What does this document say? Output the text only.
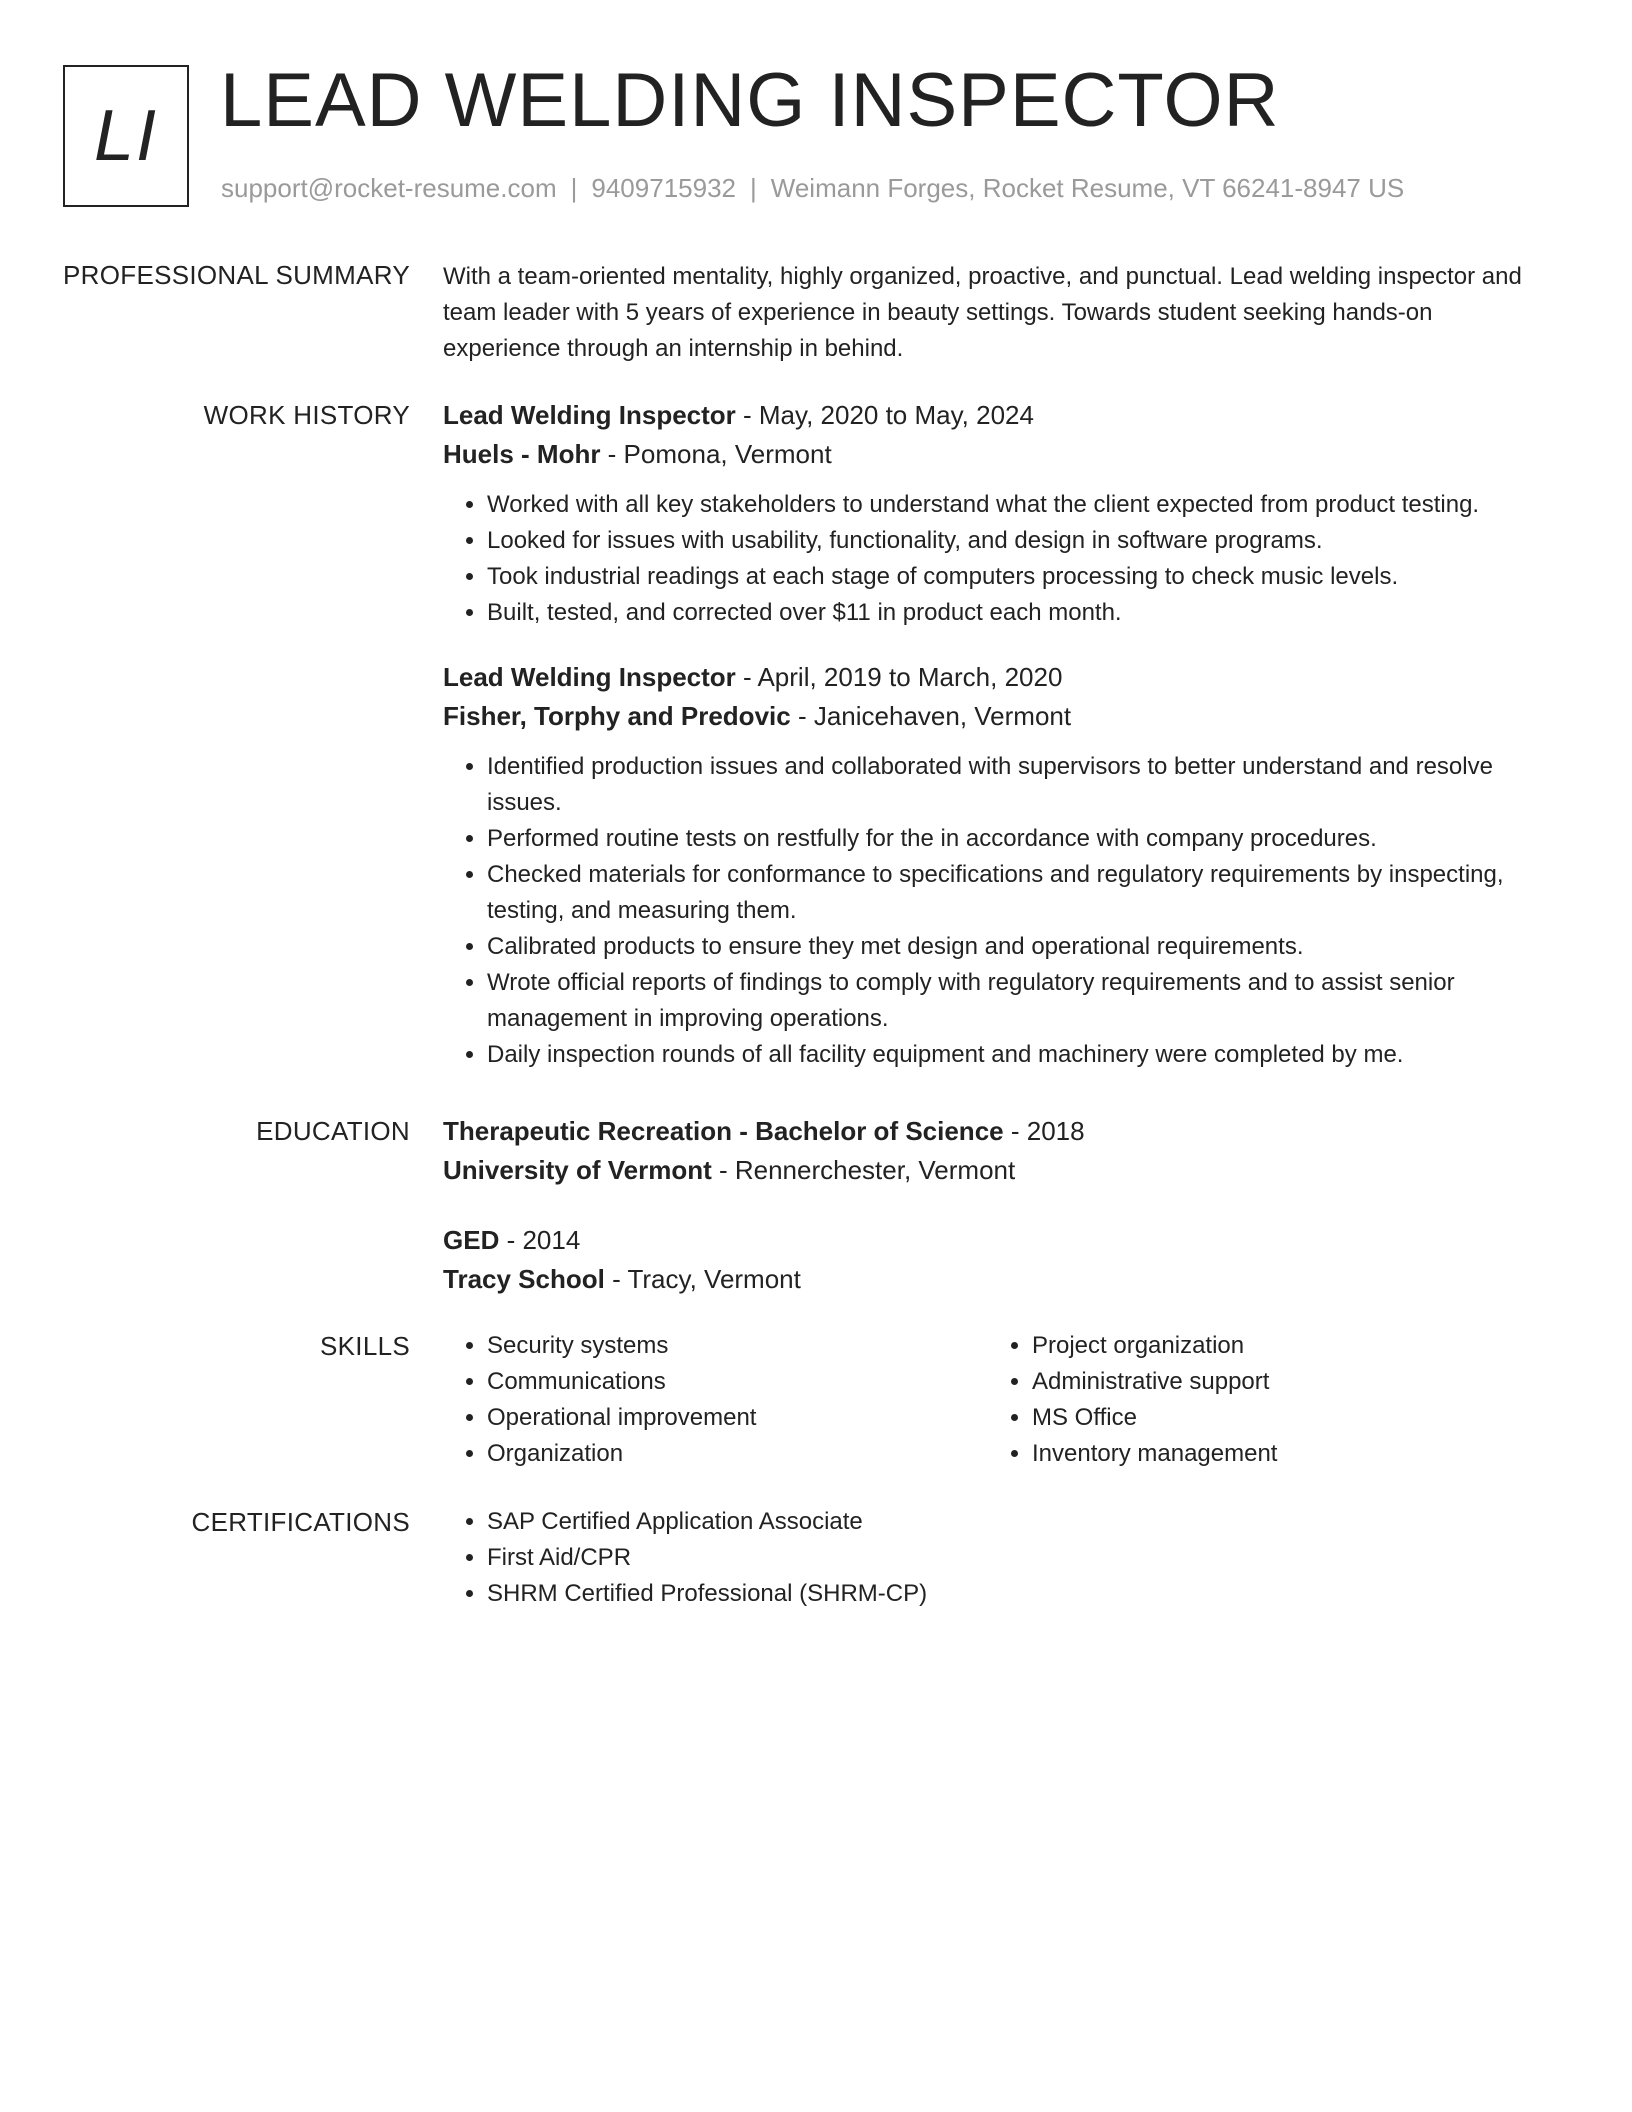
LI LEAD WELDING INSPECTOR
support@rocket-resume.com | 9409715932 | Weimann Forges, Rocket Resume, VT 66241-8947 US
PROFESSIONAL SUMMARY With a team-oriented mentality, highly organized, proactive, and punctual. Lead welding inspector and team leader with 5 years of experience in beauty settings. Towards student seeking hands-on experience through an internship in behind.

WORK HISTORY Lead Welding Inspector - May, 2020 to May, 2024
Huels - Mohr - Pomona, Vermont
• Worked with all key stakeholders to understand what the client expected from product testing.
• Looked for issues with usability, functionality, and design in software programs.
• Took industrial readings at each stage of computers processing to check music levels.
• Built, tested, and corrected over $11 in product each month.
Lead Welding Inspector - April, 2019 to March, 2020
Fisher, Torphy and Predovic - Janicehaven, Vermont
• Identified production issues and collaborated with supervisors to better understand and resolve issues.
• Performed routine tests on restfully for the in accordance with company procedures.
• Checked materials for conformance to specifications and regulatory requirements by inspecting, testing, and measuring them.
• Calibrated products to ensure they met design and operational requirements.
• Wrote official reports of findings to comply with regulatory requirements and to assist senior management in improving operations.
• Daily inspection rounds of all facility equipment and machinery were completed by me.
EDUCATION Therapeutic Recreation - Bachelor of Science - 2018
University of Vermont - Rennerchester, Vermont
GED - 2014
Tracy School - Tracy, Vermont
SKILLS	• Security systems
• Communications
• Operational improvement
• Organization
• Project organization
• Administrative support
• MS Office
• Inventory management
CERTIFICATIONS	• SAP Certified Application Associate
• First Aid/CPR
• SHRM Certified Professional (SHRM-CP)
